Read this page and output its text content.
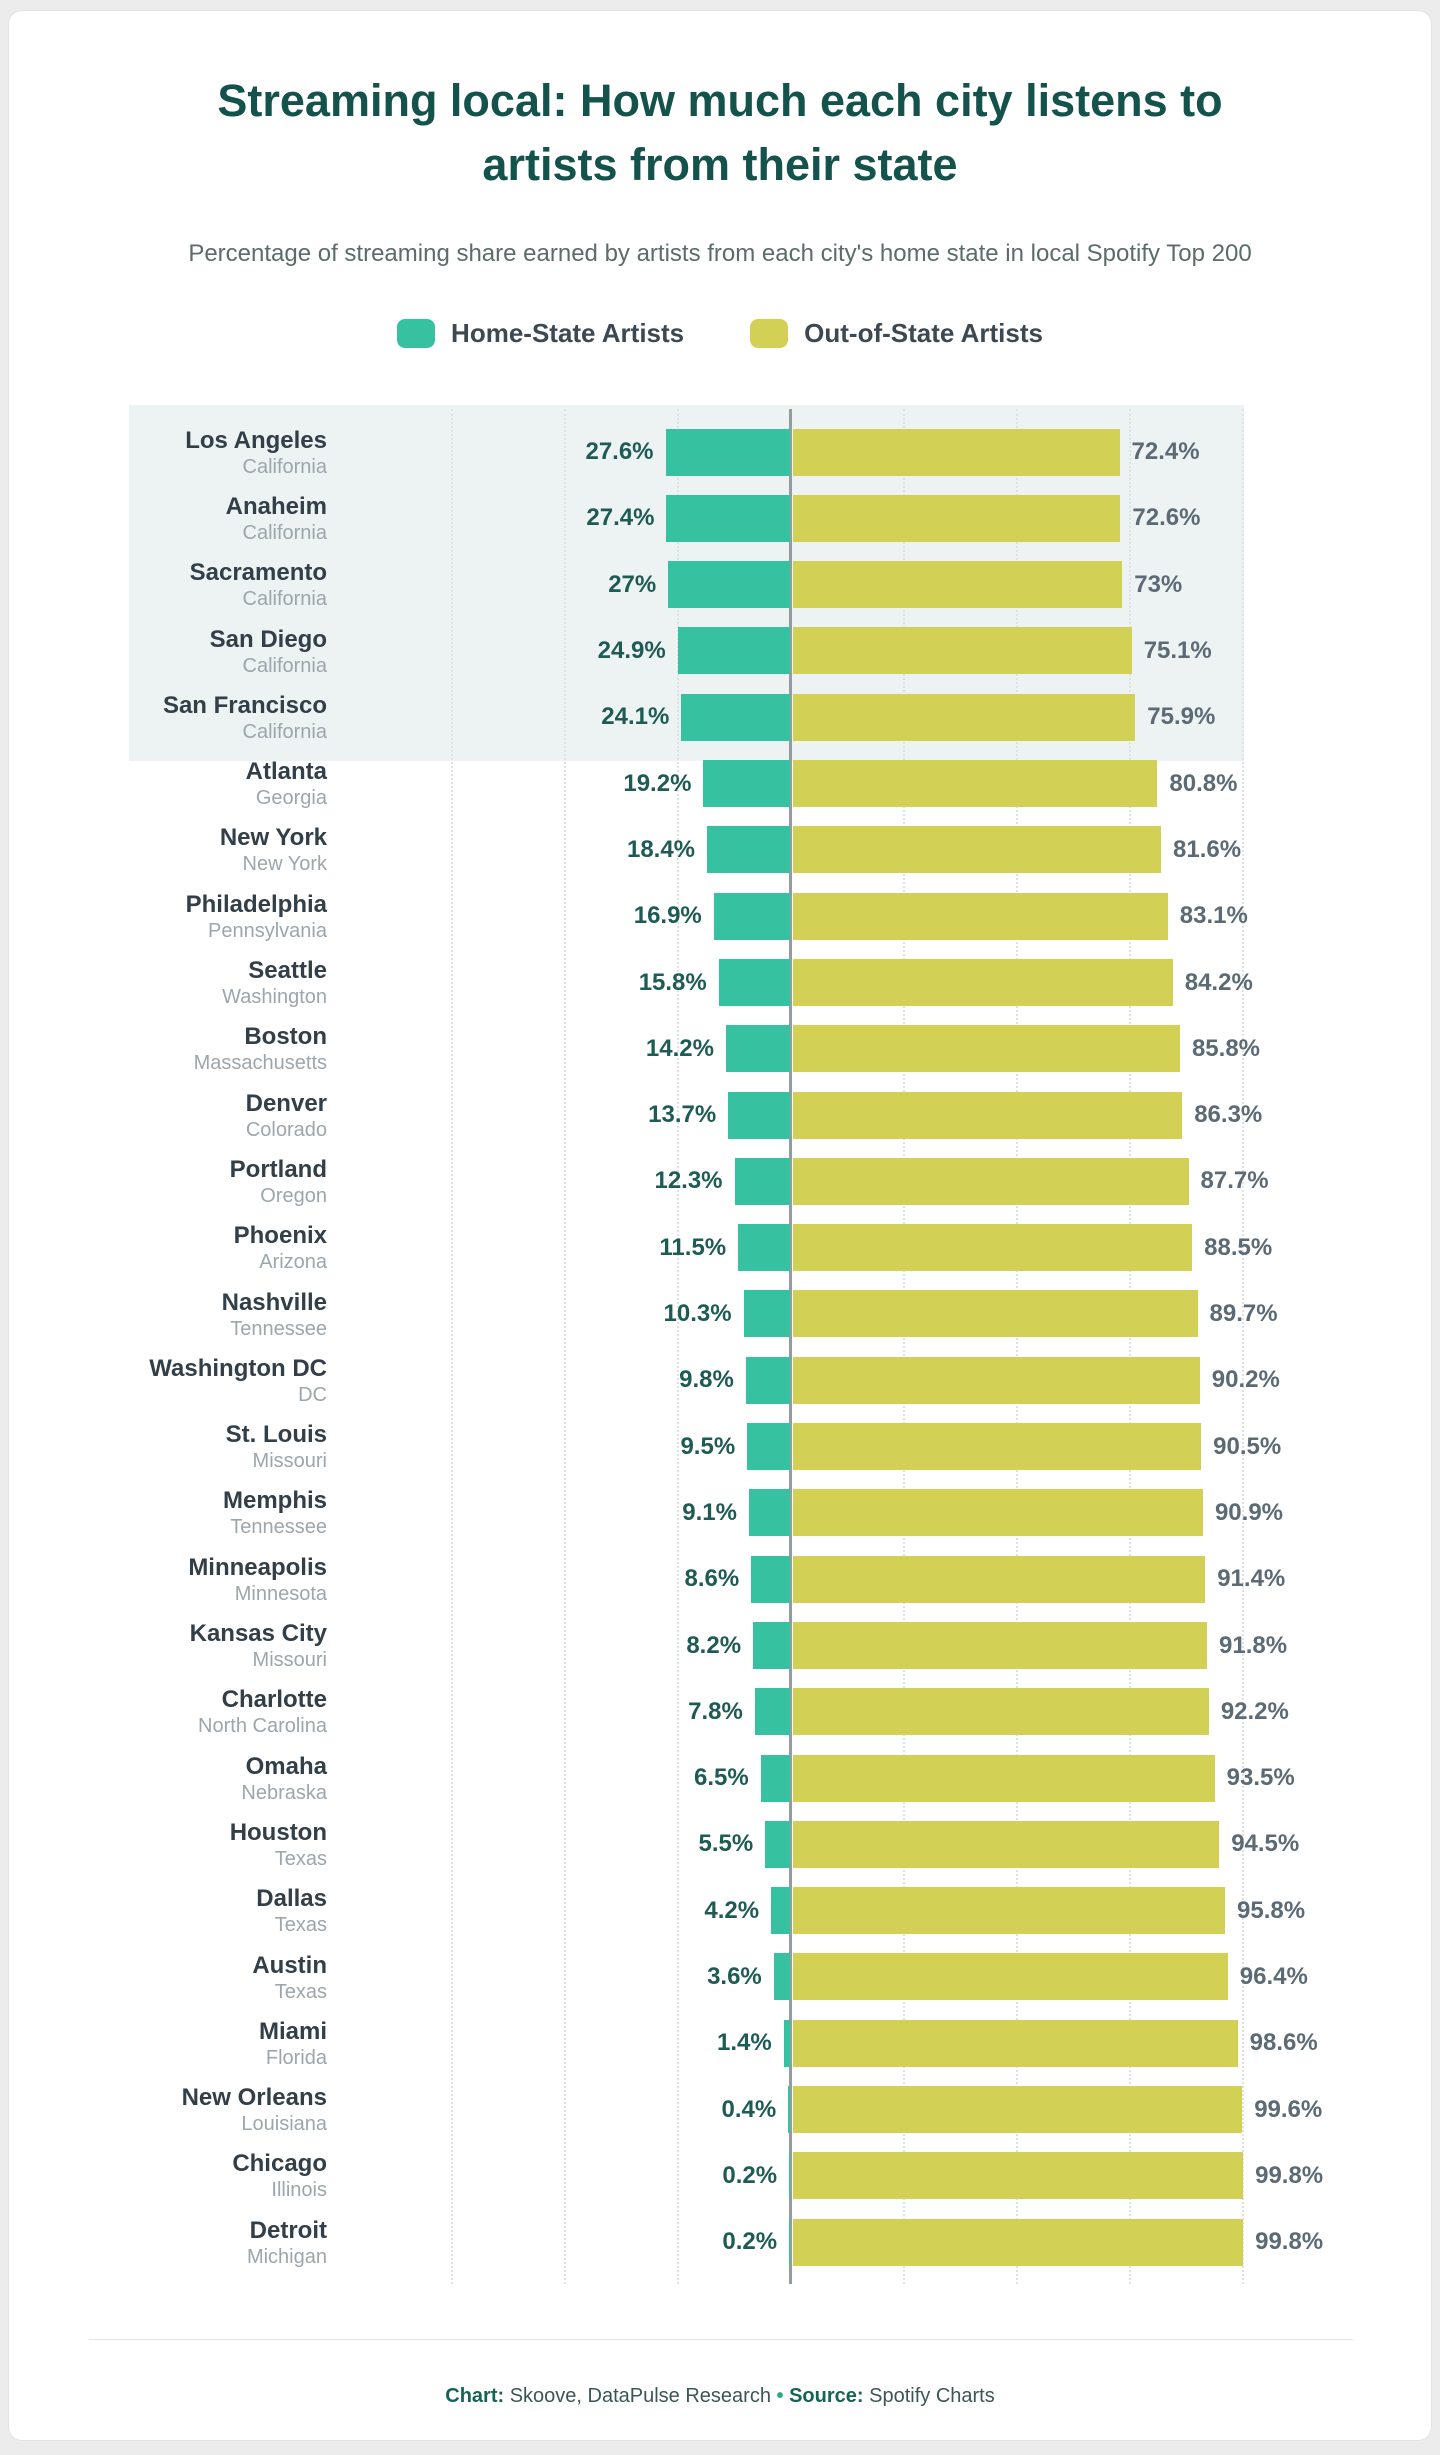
Streaming local: How much each city listens to
artists from their state
Percentage of streaming share earned by artists from each city's home state in local Spotify Top 200
Home-State Artists	Out-of-State Artists
Los Angeles
California
27.6%	72.4%
Anaheim
California
27.4%	72.6%
Sacramento
California
27%	73%
San Diego
California
24.9%	75.1%
San Francisco
California
24.1%	75.9%
Atlanta
Georgia
19.2%	80.8%
New York
New York
18.4%	81.6%
Philadelphia
Pennsylvania
16.9%	83.1%
Seattle
Washington
15.8%	84.2%
Boston
Massachusetts
14.2%	85.8%
Denver
Colorado
13.7%	86.3%
Portland
Oregon
12.3%	87.7%
Phoenix
Arizona
11.5%	88.5%
Nashville
Tennessee
10.3%	89.7%
Washington DC
DC
9.8%	90.2%
St. Louis
Missouri
9.5%	90.5%
Memphis
Tennessee
9.1%	90.9%
Minneapolis
Minnesota
8.6%	91.4%
Kansas City
Missouri
8.2%	91.8%
Charlotte
North Carolina
7.8%	92.2%
Omaha
Nebraska
6.5%	93.5%
Houston
Texas
5.5%	94.5%
Dallas
Texas
4.2%	95.8%
Austin
Texas
3.6%	96.4%
Miami
Florida
1.4%	98.6%
New Orleans
Louisiana
0.4%	99.6%
Chicago
Illinois
0.2%	99.8%
Detroit
Michigan
0.2%	99.8%
Chart: Skoove, DataPulse Research • Source: Spotify Charts
